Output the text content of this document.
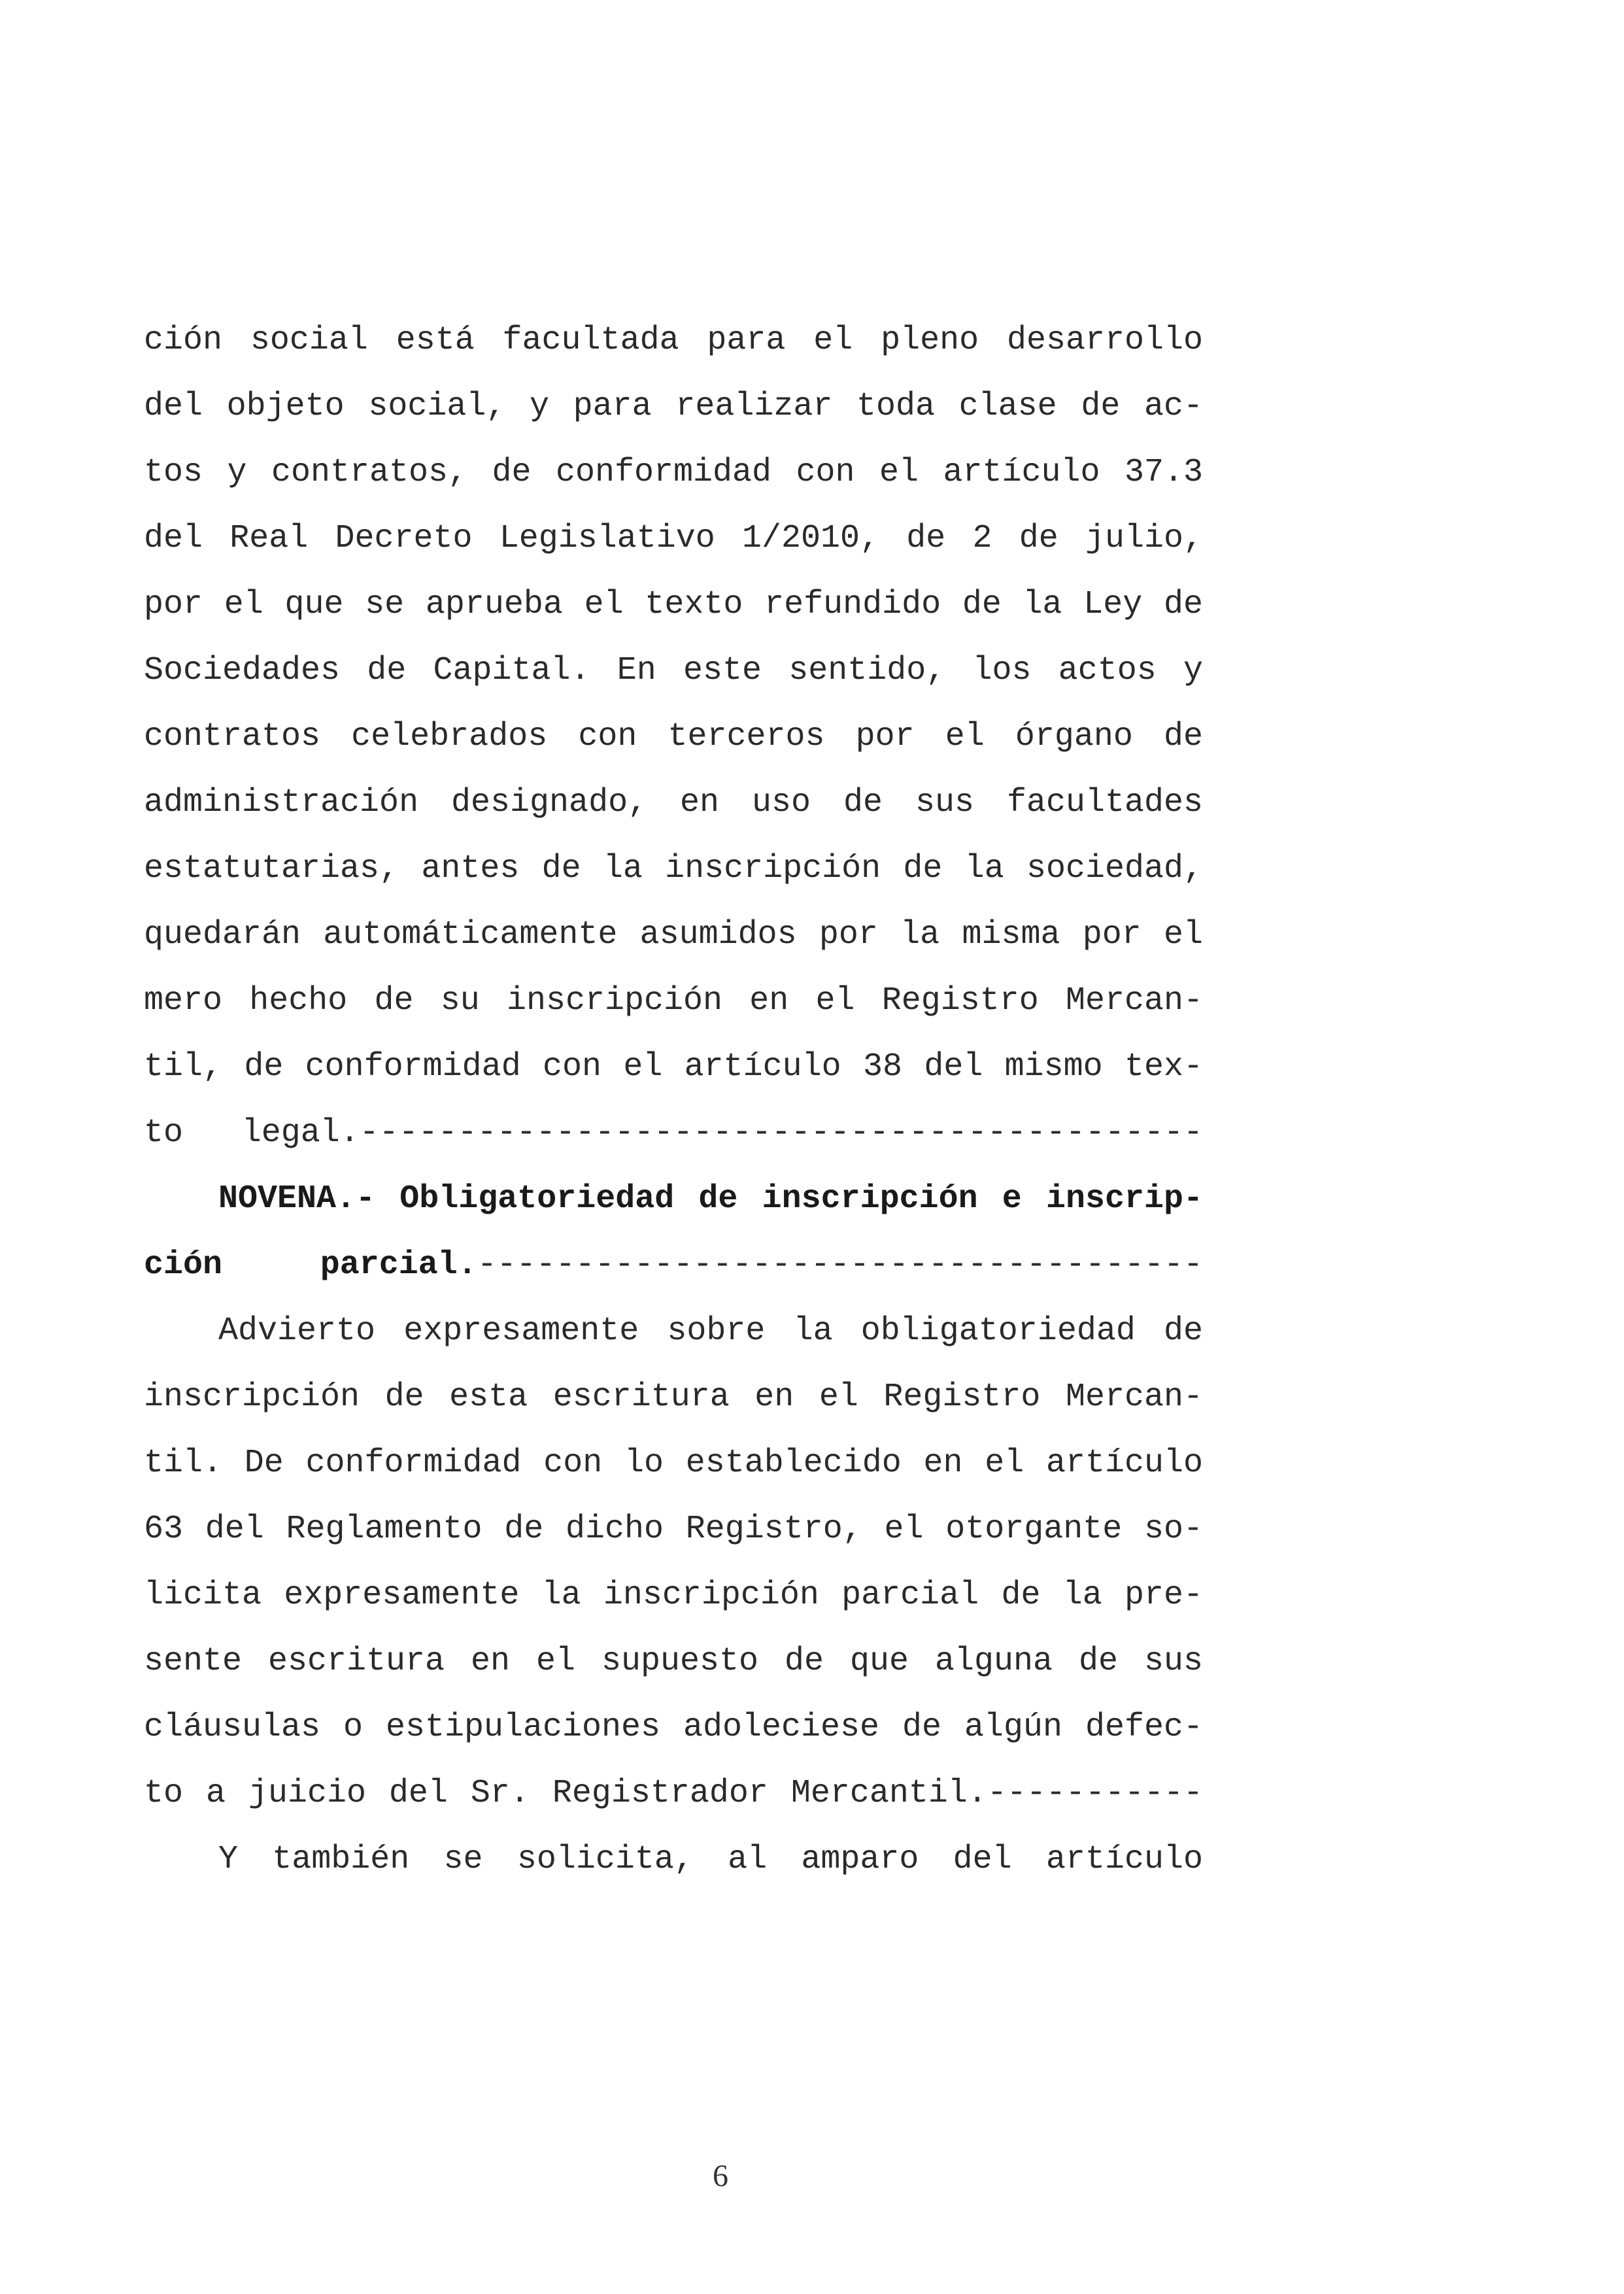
ción social está facultada para el pleno desarrollo
del objeto social, y para realizar toda clase de ac-
tos y contratos, de conformidad con el artículo 37.3
del Real Decreto Legislativo 1/2010, de 2 de julio,
por el que se aprueba el texto refundido de la Ley de
Sociedades de Capital. En este sentido, los actos y
contratos celebrados con terceros por el órgano de
administración designado, en uso de sus facultades
estatutarias, antes de la inscripción de la sociedad,
quedarán automáticamente asumidos por la misma por el
mero hecho de su inscripción en el Registro Mercan-
til, de conformidad con el artículo 38 del mismo tex-
to legal.-------------------------------------------
NOVENA.- Obligatoriedad de inscripción e inscrip-
ción parcial.-------------------------------------
Advierto expresamente sobre la obligatoriedad de
inscripción de esta escritura en el Registro Mercan-
til. De conformidad con lo establecido en el artículo
63 del Reglamento de dicho Registro, el otorgante so-
licita expresamente la inscripción parcial de la pre-
sente escritura en el supuesto de que alguna de sus
cláusulas o estipulaciones adoleciese de algún defec-
to a juicio del Sr. Registrador Mercantil.-----------
Y también se solicita, al amparo del artículo
6
